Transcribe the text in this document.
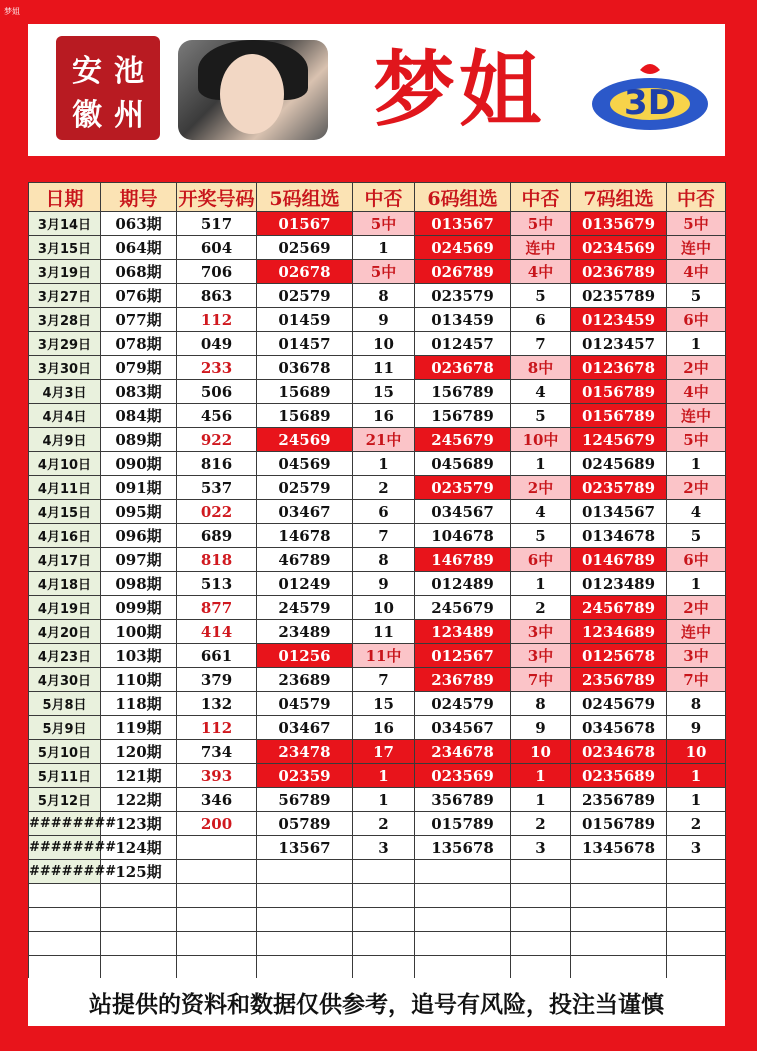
梦姐
安 池
徽 州	梦姐 3D
日期	期号	开奖号码	5码组选	中否	6码组选	中否	7码组选	中否
3月14日	063期	517	01567	5中	013567	5中	0135679	5中
3月15日	064期	604	02569	1	024569	连中	0234569	连中
3月19日	068期	706	02678	5中	026789	4中	0236789	4中
3月27日	076期	863	02579	8	023579	5	0235789	5
3月28日	077期	112	01459	9	013459	6	0123459	6中
3月29日	078期	049	01457	10	012457	7	0123457	1
3月30日	079期	233	03678	11	023678	8中	0123678	2中
4月3日	083期	506	15689	15	156789	4	0156789	4中
4月4日	084期	456	15689	16	156789	5	0156789	连中
4月9日	089期	922	24569	21中	245679	10中	1245679	5中
4月10日	090期	816	04569	1	045689	1	0245689	1
4月11日	091期	537	02579	2	023579	2中	0235789	2中
4月15日	095期	022	03467	6	034567	4	0134567	4
4月16日	096期	689	14678	7	104678	5	0134678	5
4月17日	097期	818	46789	8	146789	6中	0146789	6中
4月18日	098期	513	01249	9	012489	1	0123489	1
4月19日	099期	877	24579	10	245679	2	2456789	2中
4月20日	100期	414	23489	11	123489	3中	1234689	连中
4月23日	103期	661	01256	11中	012567	3中	0125678	3中
4月30日	110期	379	23689	7	236789	7中	2356789	7中
5月8日	118期	132	04579	15	024579	8	0245679	8
5月9日	119期	112	03467	16	034567	9	0345678	9
5月10日	120期	734	23478	17	234678	10	0234678	10
5月11日	121期	393	02359	1	023569	1	0235689	1
5月12日	122期	346	56789	1	356789	1	2356789	1
########	123期	200	05789	2	015789	2	0156789	2
########	124期		13567	3	135678	3	1345678	3
########	125期							

站提供的资料和数据仅供参考，追号有风险，投注当谨慎
